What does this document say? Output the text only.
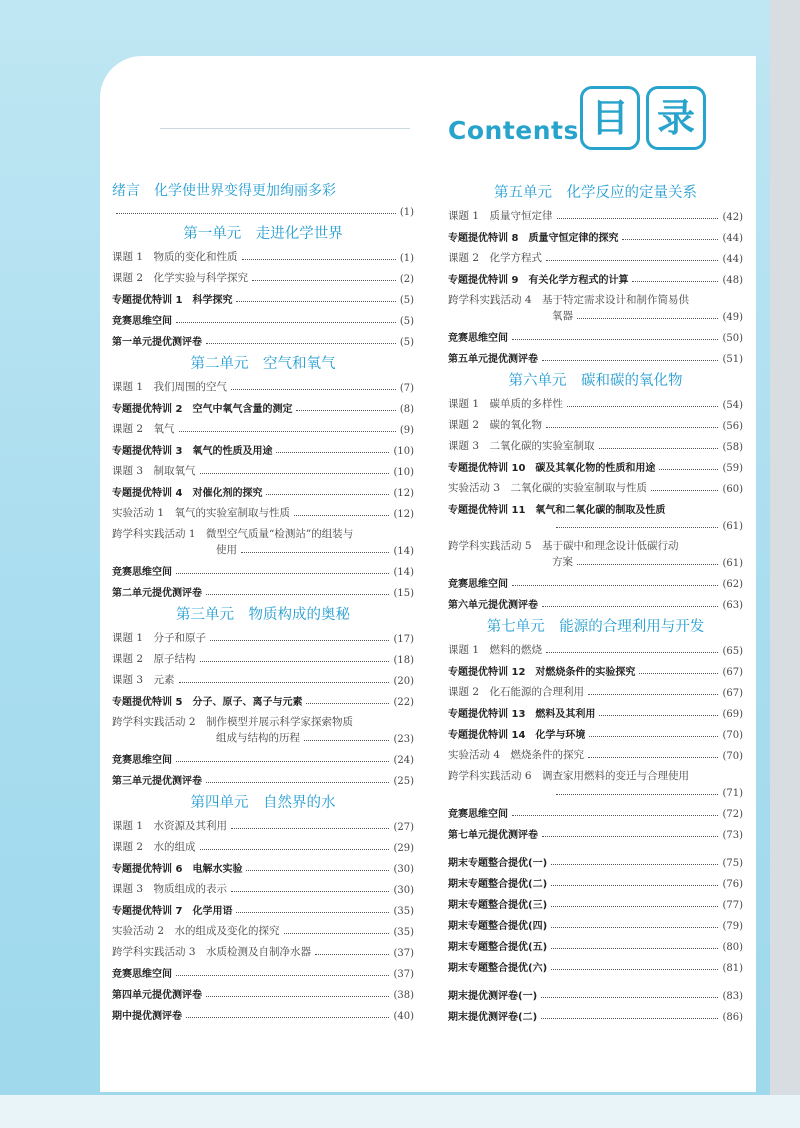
Contents 目 录
绪言　化学使世界变得更加绚丽多彩
(1)
第一单元　走进化学世界
课题 1　物质的变化和性质	(1)
课题 2　化学实验与科学探究	(2)
专题提优特训 1　科学探究	(5)
竞赛思维空间	(5)
第一单元提优测评卷	(5)
第二单元　空气和氧气
课题 1　我们周围的空气	(7)
专题提优特训 2　空气中氧气含量的测定	(8)
课题 2　氧气	(9)
专题提优特训 3　氧气的性质及用途	(10)
课题 3　制取氧气	(10)
专题提优特训 4　对催化剂的探究	(12)
实验活动 1　氧气的实验室制取与性质	(12)
跨学科实践活动 1　微型空气质量“检测站”的组装与
使用	(14)
竞赛思维空间	(14)
第二单元提优测评卷	(15)
第三单元　物质构成的奥秘
课题 1　分子和原子	(17)
课题 2　原子结构	(18)
课题 3　元素	(20)
专题提优特训 5　分子、原子、离子与元素	(22)
跨学科实践活动 2　制作模型并展示科学家探索物质
组成与结构的历程	(23)
竞赛思维空间	(24)
第三单元提优测评卷	(25)
第四单元　自然界的水
课题 1　水资源及其利用	(27)
课题 2　水的组成	(29)
专题提优特训 6　电解水实验	(30)
课题 3　物质组成的表示	(30)
专题提优特训 7　化学用语	(35)
实验活动 2　水的组成及变化的探究	(35)
跨学科实践活动 3　水质检测及自制净水器	(37)
竞赛思维空间	(37)
第四单元提优测评卷	(38)
期中提优测评卷	(40)
第五单元　化学反应的定量关系
课题 1　质量守恒定律	(42)
专题提优特训 8　质量守恒定律的探究	(44)
课题 2　化学方程式	(44)
专题提优特训 9　有关化学方程式的计算	(48)
跨学科实践活动 4　基于特定需求设计和制作简易供
氧器	(49)
竞赛思维空间	(50)
第五单元提优测评卷	(51)
第六单元　碳和碳的氧化物
课题 1　碳单质的多样性	(54)
课题 2　碳的氧化物	(56)
课题 3　二氧化碳的实验室制取	(58)
专题提优特训 10　碳及其氧化物的性质和用途	(59)
实验活动 3　二氧化碳的实验室制取与性质	(60)
专题提优特训 11　氧气和二氧化碳的制取及性质
(61)
跨学科实践活动 5　基于碳中和理念设计低碳行动
方案	(61)
竞赛思维空间	(62)
第六单元提优测评卷	(63)
第七单元　能源的合理利用与开发
课题 1　燃料的燃烧	(65)
专题提优特训 12　对燃烧条件的实验探究	(67)
课题 2　化石能源的合理利用	(67)
专题提优特训 13　燃料及其利用	(69)
专题提优特训 14　化学与环境	(70)
实验活动 4　燃烧条件的探究	(70)
跨学科实践活动 6　调查家用燃料的变迁与合理使用
(71)
竞赛思维空间	(72)
第七单元提优测评卷	(73)
期末专题整合提优(一)	(75)
期末专题整合提优(二)	(76)
期末专题整合提优(三)	(77)
期末专题整合提优(四)	(79)
期末专题整合提优(五)	(80)
期末专题整合提优(六)	(81)
期末提优测评卷(一)	(83)
期末提优测评卷(二)	(86)
